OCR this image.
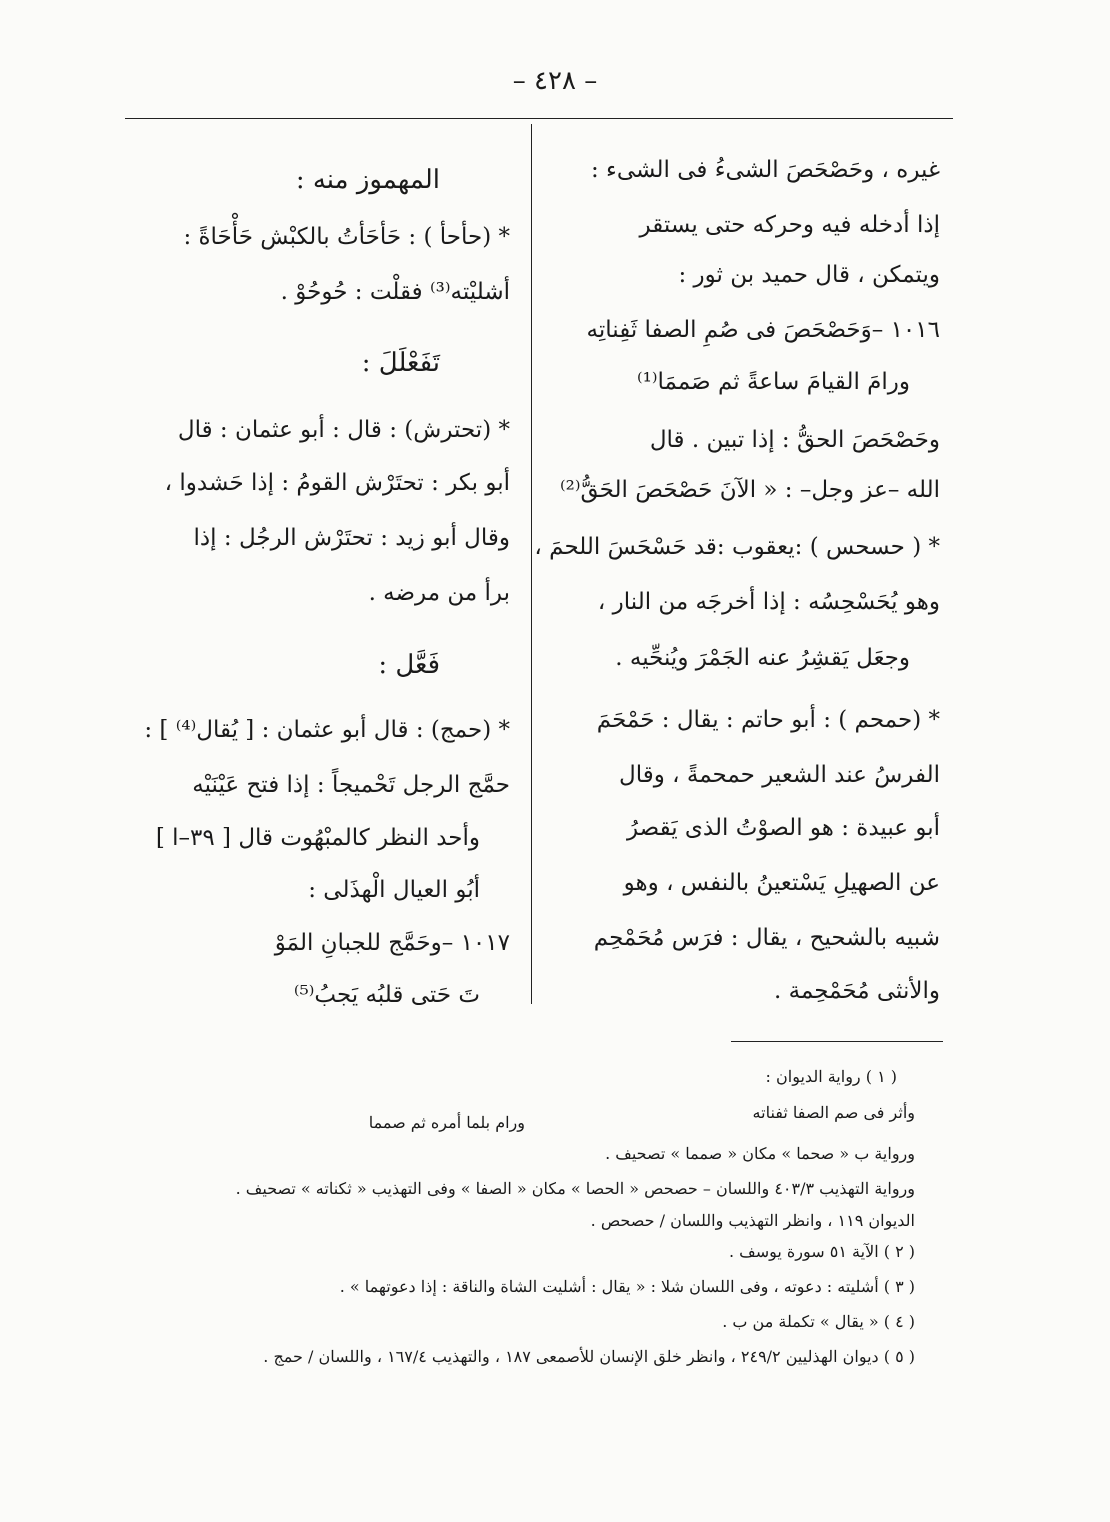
– ٤٢٨ –
غيره ، وحَصْحَصَ الشىءُ فى الشىء :
إذا أدخله فيه وحركه حتى يستقر
ويتمكن ، قال حميد بن ثور :
١٠١٦ –وَحَصْحَصَ فى صُمِ الصفا ثَفِناتِه
ورامَ القيامَ ساعةً ثم صَممَا⁽¹⁾
وحَصْحَصَ الحقُّ : إذا تبين . قال
الله –عز وجل– : « الآنَ حَصْحَصَ الحَقُّ⁽²⁾
* ( حسحس ) :يعقوب :قد حَسْحَسَ اللحمَ ،
وهو يُحَسْحِسُه : إذا أخرجَه من النار ،
وجعَل يَقشِرُ عنه الجَمْرَ ويُنحِّيه .
* (حمحم ) : أبو حاتم : يقال : حَمْحَمَ
الفرسُ عند الشعير حمحمةً ، وقال
أبو عبيدة : هو الصوْتُ الذى يَقصرُ
عن الصهيلِ يَسْتعينُ بالنفس ، وهو
شبيه بالشحيح ، يقال : فرَس مُحَمْحِم
والأنثى مُحَمْحِمة .
المهموز منه :
* (حأحأ ) : حَأحَأتُ بالكبْش حَأْحَاةً :
أشليْته⁽³⁾ فقلْت : حُوحُوْ .
تَفَعْلَلَ :
* (تحترش) : قال : أبو عثمان : قال
أبو بكر : تحتَرْش القومُ : إذا حَشدوا ،
وقال أبو زيد : تحتَرْش الرجُل : إذا
برأ من مرضه .
فَعَّل :
* (حمج) : قال أبو عثمان : [ يُقال⁽⁴⁾ ] :
حمَّج الرجل تَحْميجاً : إذا فتح عَيْنَيْه
وأحد النظر كالمبْهُوت قال [ ٣٩–ا ]
أبُو العيال الْهذَلى :
١٠١٧ –وحَمَّج للجبانِ المَوْ
تَ حَتى قلبُه يَجبُ⁽⁵⁾
( ١ ) رواية الديوان :
وأثر فى صم الصفا ثفناته
ورام بلما أمره ثم صمما
ورواية ب « صحما » مكان « صمما » تصحيف .
ورواية التهذيب ٤٠٣/٣ واللسان – حصحص « الحصا » مكان « الصفا » وفى التهذيب « ثكناته » تصحيف .
الديوان ١١٩ ، وانظر التهذيب واللسان / حصحص .
( ٢ ) الآية ٥١ سورة يوسف .
( ٣ ) أشليته : دعوته ، وفى اللسان شلا : « يقال : أشليت الشاة والناقة : إذا دعوتهما » .
( ٤ ) « يقال » تكملة من ب .
( ٥ ) ديوان الهذليين ٢٤٩/٢ ، وانظر خلق الإنسان للأصمعى ١٨٧ ، والتهذيب ١٦٧/٤ ، واللسان / حمج .
